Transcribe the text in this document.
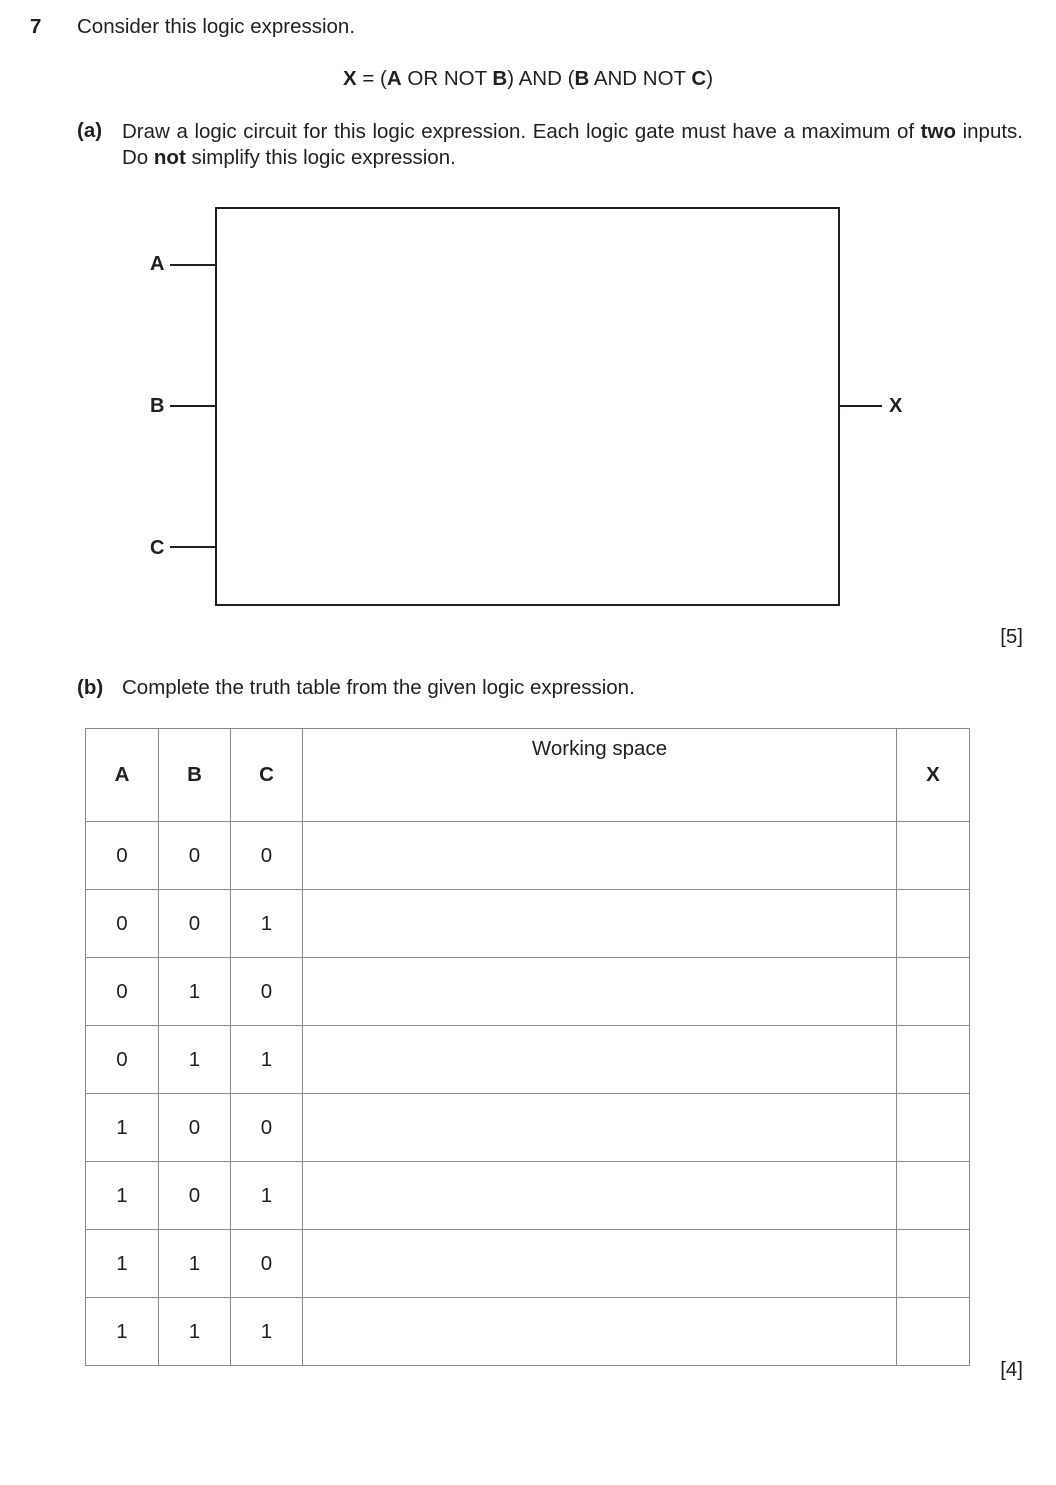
7 Consider this logic expression.
X = (A OR NOT B) AND (B AND NOT C)
(a) Draw a logic circuit for this logic expression. Each logic gate must have a maximum of two inputs. Do not simplify this logic expression.
A
B
C
X
[5]
(b) Complete the truth table from the given logic expression.
A	B	C	Working space	X
0	0	0		
0	0	1		
0	1	0		
0	1	1		
1	0	0		
1	0	1		
1	1	0		
1	1	1		
[4]
